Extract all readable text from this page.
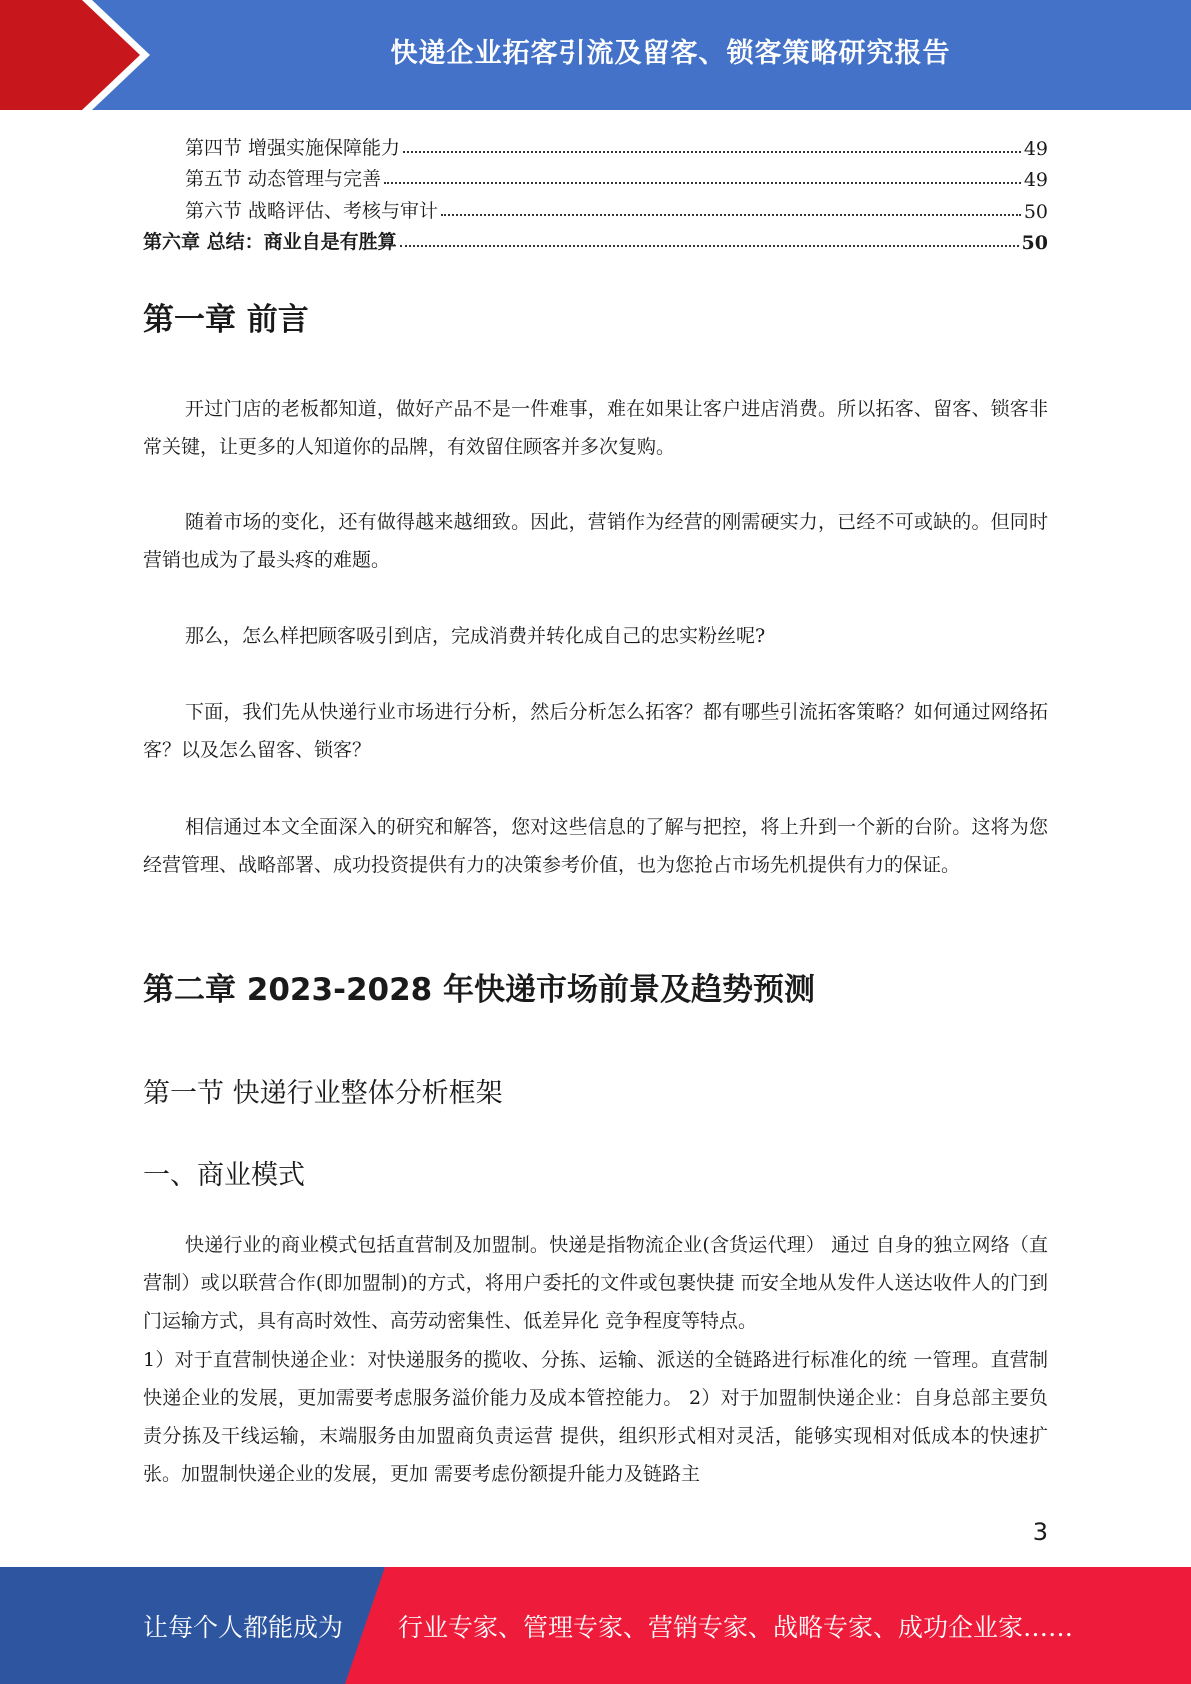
快递企业拓客引流及留客、锁客策略研究报告
第四节 增强实施保障能力	49
第五节 动态管理与完善	49
第六节 战略评估、考核与审计	50
第六章 总结：商业自是有胜算	50
第一章 前言

开过门店的老板都知道，做好产品不是一件难事，难在如果让客户进店消费。所以拓客、留客、锁客非常关键，让更多的人知道你的品牌，有效留住顾客并多次复购。

随着市场的变化，还有做得越来越细致。因此，营销作为经营的刚需硬实力，已经不可或缺的。但同时营销也成为了最头疼的难题。

那么，怎么样把顾客吸引到店，完成消费并转化成自己的忠实粉丝呢?

下面，我们先从快递行业市场进行分析，然后分析怎么拓客？都有哪些引流拓客策略？如何通过网络拓客？以及怎么留客、锁客？

相信通过本文全面深入的研究和解答，您对这些信息的了解与把控，将上升到一个新的台阶。这将为您经营管理、战略部署、成功投资提供有力的决策参考价值，也为您抢占市场先机提供有力的保证。

第二章 2023-2028 年快递市场前景及趋势预测
第一节 快递行业整体分析框架
一、商业模式

快递行业的商业模式包括直营制及加盟制。快递是指物流企业(含货运代理） 通过 自身的独立网络（直营制）或以联营合作(即加盟制)的方式，将用户委托的文件或包裹快捷 而安全地从发件人送达收件人的门到门运输方式，具有高时效性、高劳动密集性、低差异化 竞争程度等特点。

1）对于直营制快递企业：对快递服务的揽收、分拣、运输、派送的全链路进行标准化的统 一管理。直营制快递企业的发展，更加需要考虑服务溢价能力及成本管控能力。 2）对于加盟制快递企业：自身总部主要负责分拣及干线运输，末端服务由加盟商负责运营 提供，组织形式相对灵活，能够实现相对低成本的快速扩张。加盟制快递企业的发展，更加 需要考虑份额提升能力及链路主

3
让每个人都能成为 行业专家、管理专家、营销专家、战略专家、成功企业家……
